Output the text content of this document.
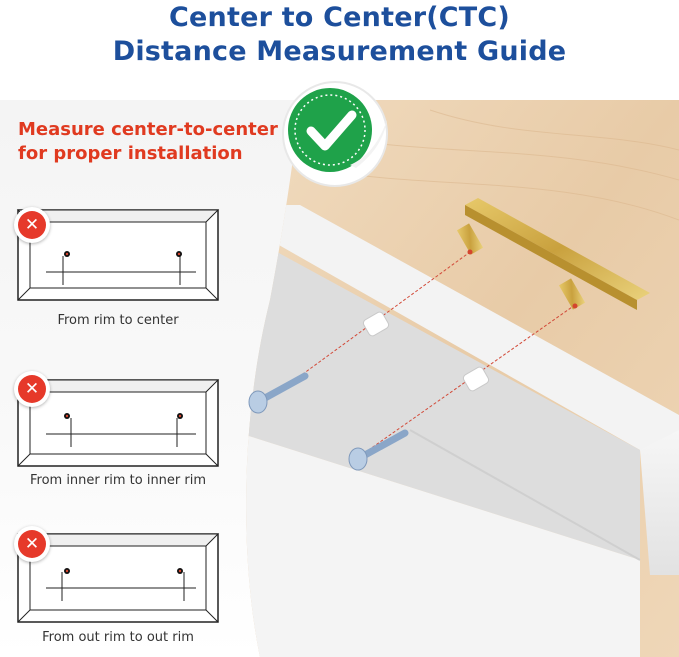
Center to Center(CTC)
Distance Measurement Guide
Measure center-to-center
for proper installation
✕
✕
✕
From rim to center
From inner rim to inner rim
From out rim to out rim
